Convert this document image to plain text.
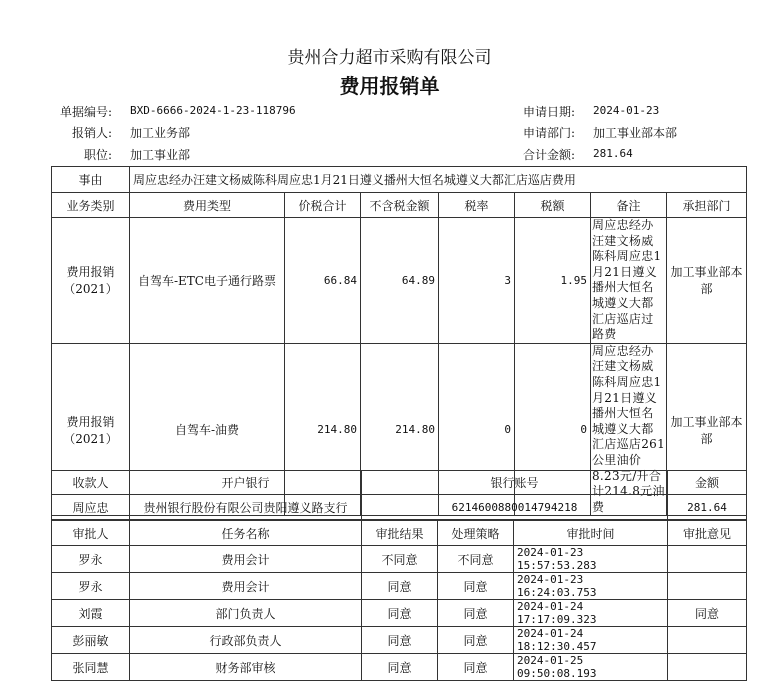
贵州合力超市采购有限公司
费用报销单
单据编号: BXD-6666-2024-1-23-118796
报销人: 加工业务部
职位: 加工事业部
申请日期: 2024-01-23
申请部门: 加工事业部本部
合计金额: 281.64
事由	周应忠经办汪建文杨威陈科周应忠1月21日遵义播州大恒名城遵义大都汇店巡店费用						
业务类别	费用类型	价税合计	不含税金额	税率	税额	备注	承担部门
费用报销（2021）	自驾车-ETC电子通行路票	66.84	64.89	3	1.95	周应忠经办汪建文杨威陈科周应忠1月21日遵义播州大恒名城遵义大都汇店巡店过路费	加工事业部本部
费用报销（2021）	自驾车-油费	214.80	214.80	0	0	周应忠经办汪建文杨威陈科周应忠1月21日遵义播州大恒名城遵义大都汇店巡店261公里油价8.23元/升合计214.8元油费	加工事业部本部
收款人	开户银行	银行账号	金额
周应忠	贵州银行股份有限公司贵阳遵义路支行	6214600880014794218	281.64
审批人	任务名称	审批结果	处理策略	审批时间	审批意见
罗永	费用会计	不同意	不同意	2024-01-23 15:57:53.283	
罗永	费用会计	同意	同意	2024-01-23 16:24:03.753	
刘霞	部门负责人	同意	同意	2024-01-24 17:17:09.323	同意
彭丽敏	行政部负责人	同意	同意	2024-01-24 18:12:30.457	
张同慧	财务部审核	同意	同意	2024-01-25 09:50:08.193	
